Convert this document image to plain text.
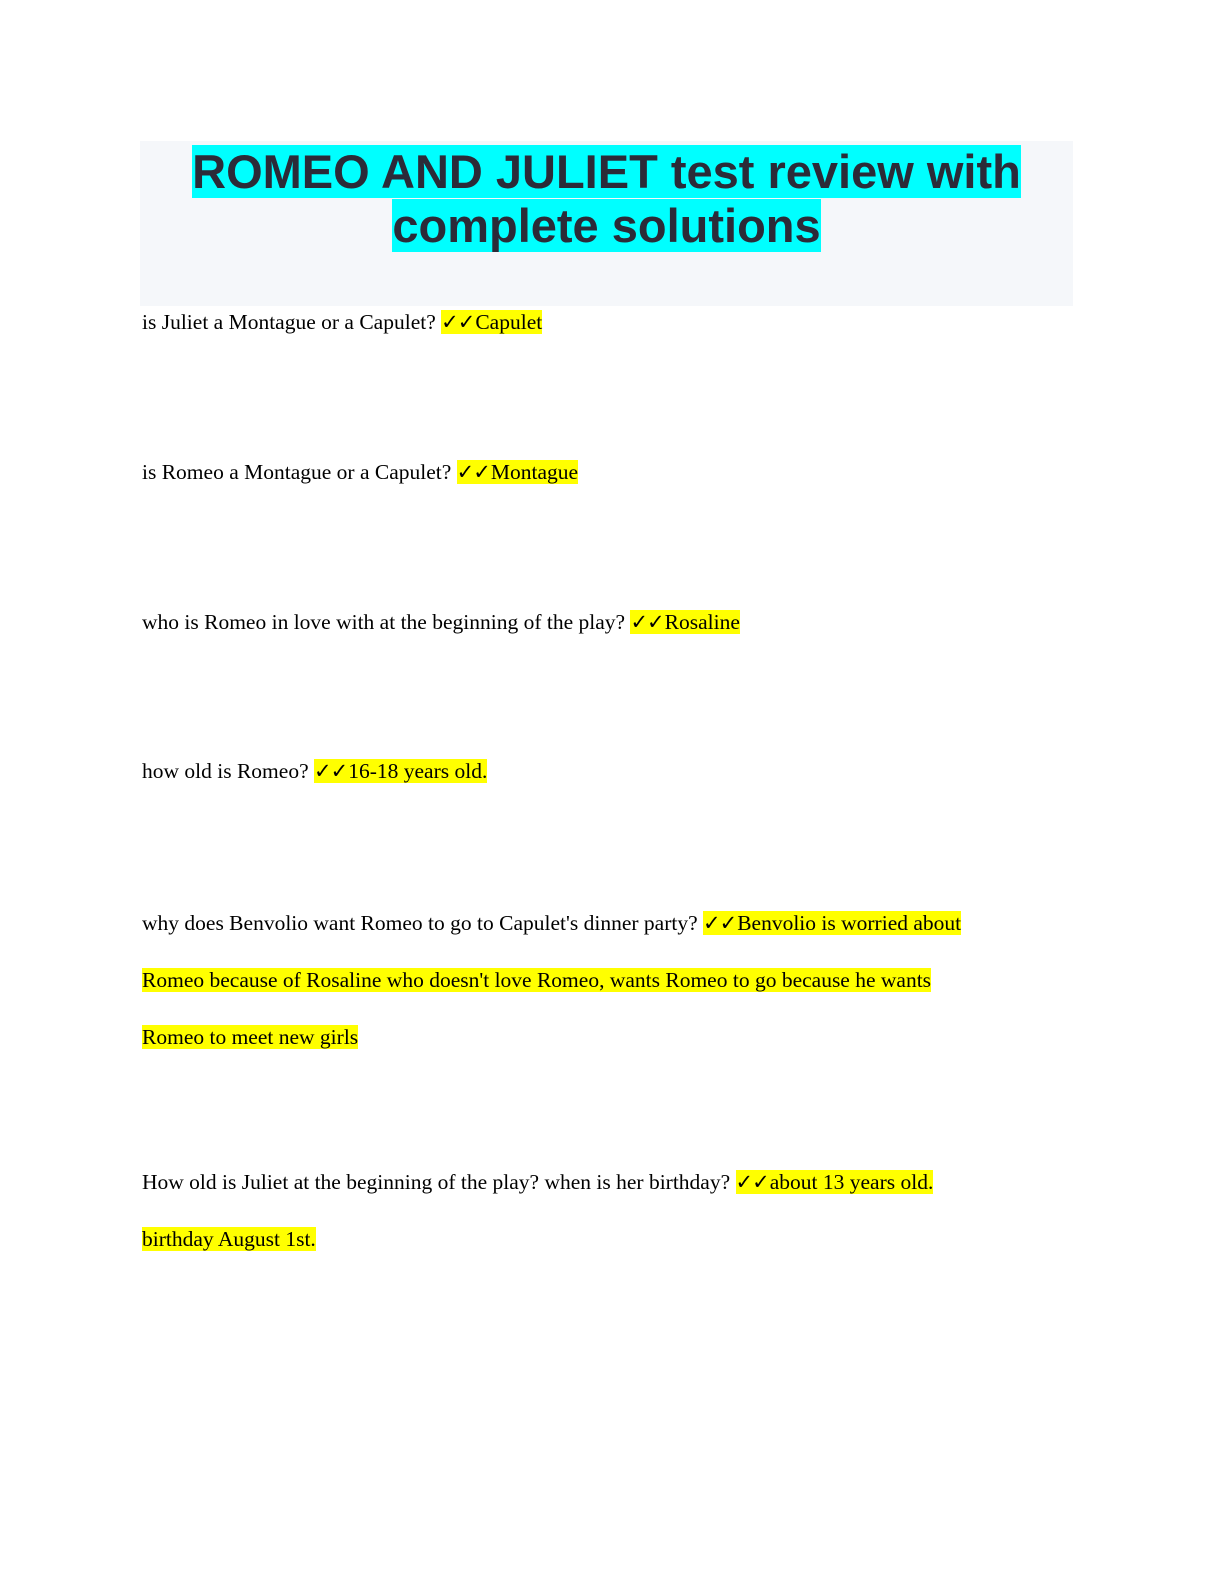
ROMEO AND JULIET test review with
complete solutions

is Juliet a Montague or a Capulet? ✓✓Capulet

is Romeo a Montague or a Capulet? ✓✓Montague

who is Romeo in love with at the beginning of the play? ✓✓Rosaline

how old is Romeo? ✓✓16-18 years old.

why does Benvolio want Romeo to go to Capulet's dinner party? ✓✓Benvolio is worried about
Romeo because of Rosaline who doesn't love Romeo, wants Romeo to go because he wants
Romeo to meet new girls

How old is Juliet at the beginning of the play? when is her birthday? ✓✓about 13 years old.
birthday August 1st.
